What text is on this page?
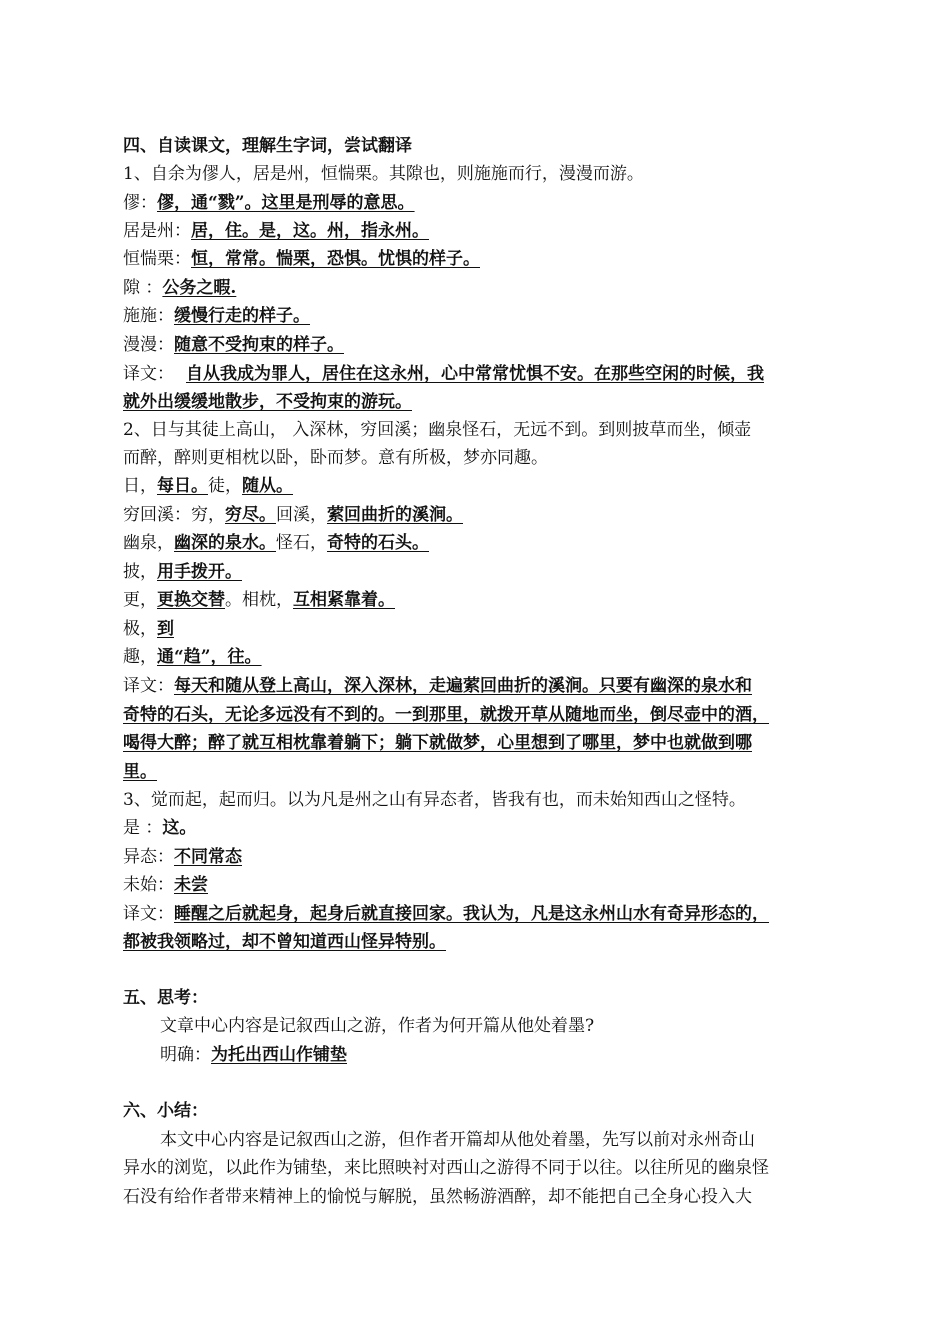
四、自读课文，理解生字词，尝试翻译
1、自余为僇人，居是州，恒惴栗。其隙也，则施施而行，漫漫而游。
僇：僇，通“戮”。这里是刑辱的意思。
居是州：居，住。是，这。州，指永州。
恒惴栗：恒，常常。惴栗，恐惧。忧惧的样子。
隙 ：公务之暇.
施施：缓慢行走的样子。
漫漫：随意不受拘束的样子。
译文： 自从我成为罪人，居住在这永州，心中常常忧惧不安。在那些空闲的时候，我
就外出缓缓地散步，不受拘束的游玩。
2、日与其徒上高山， 入深林，穷回溪；幽泉怪石，无远不到。到则披草而坐，倾壶
而醉，醉则更相枕以卧，卧而梦。意有所极，梦亦同趣。
日，每日。徒，随从。
穷回溪：穷，穷尽。回溪，萦回曲折的溪涧。
幽泉，幽深的泉水。怪石，奇特的石头。
披，用手拨开。
更，更换交替。相枕，互相紧靠着。
极，到
趣，通“趋”，往。
译文：每天和随从登上高山，深入深林，走遍萦回曲折的溪涧。只要有幽深的泉水和
奇特的石头，无论多远没有不到的。一到那里，就拨开草从随地而坐，倒尽壶中的酒，
喝得大醉；醉了就互相枕靠着躺下；躺下就做梦，心里想到了哪里，梦中也就做到哪
里。
3、觉而起，起而归。以为凡是州之山有异态者，皆我有也，而未始知西山之怪特。
是 ：这。
异态：不同常态
未始：未尝
译文：睡醒之后就起身，起身后就直接回家。我认为，凡是这永州山水有奇异形态的，
都被我领略过，却不曾知道西山怪异特别。
五、思考：
文章中心内容是记叙西山之游，作者为何开篇从他处着墨?
明确：为托出西山作铺垫
六、小结：
本文中心内容是记叙西山之游，但作者开篇却从他处着墨，先写以前对永州奇山
异水的浏览，以此作为铺垫，来比照映衬对西山之游得不同于以往。以往所见的幽泉怪
石没有给作者带来精神上的愉悦与解脱，虽然畅游酒醉，却不能把自己全身心投入大
